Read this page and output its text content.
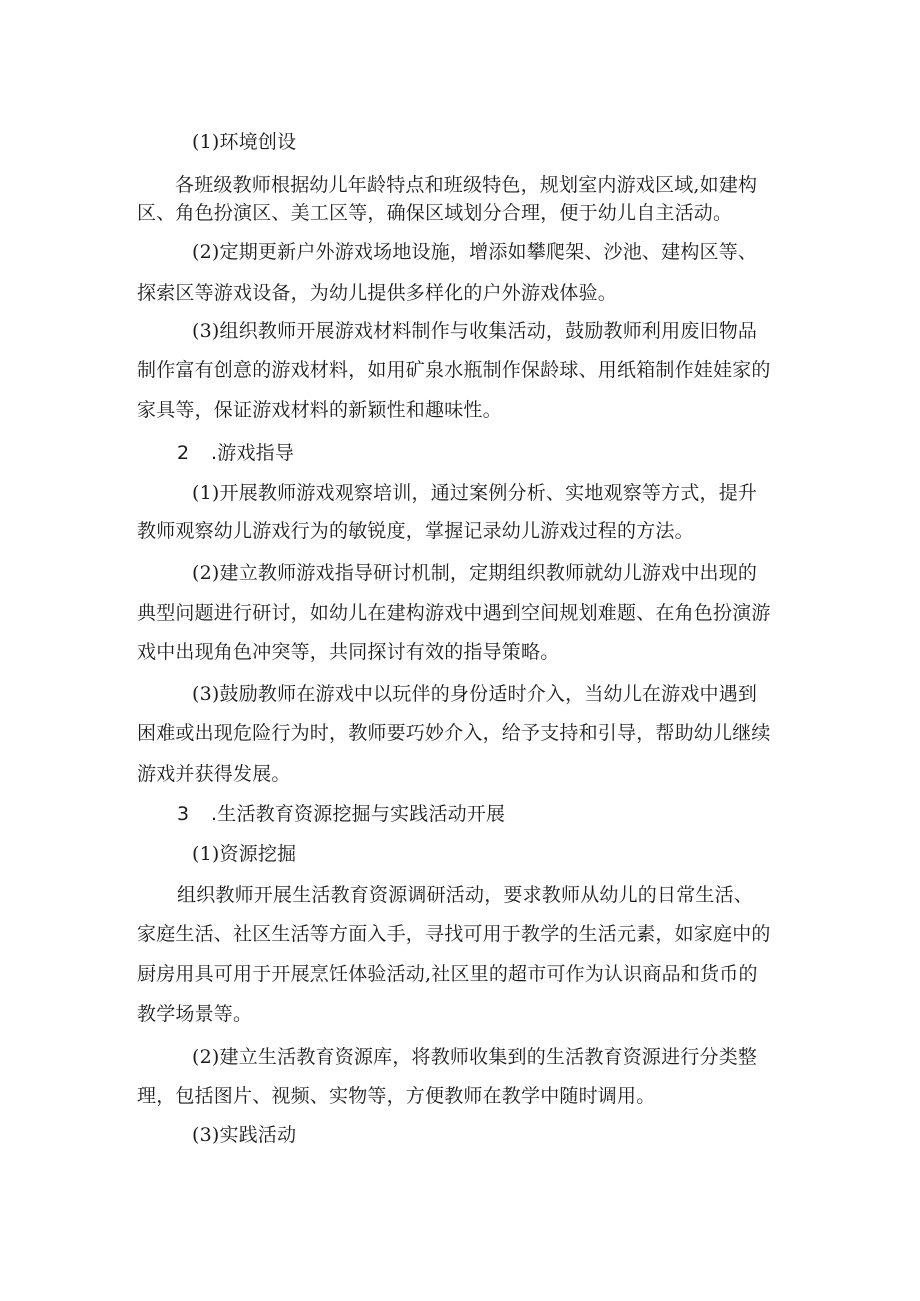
(1)环境创设
各班级教师根据幼儿年龄特点和班级特色，规划室内游戏区域,如建构
区、角色扮演区、美工区等，确保区域划分合理，便于幼儿自主活动。
(2)定期更新户外游戏场地设施，增添如攀爬架、沙池、建构区等、
探索区等游戏设备，为幼儿提供多样化的户外游戏体验。
(3)组织教师开展游戏材料制作与收集活动，鼓励教师利用废旧物品
制作富有创意的游戏材料，如用矿泉水瓶制作保龄球、用纸箱制作娃娃家的
家具等，保证游戏材料的新颖性和趣味性。
2 .游戏指导
(1)开展教师游戏观察培训，通过案例分析、实地观察等方式，提升
教师观察幼儿游戏行为的敏锐度，掌握记录幼儿游戏过程的方法。
(2)建立教师游戏指导研讨机制，定期组织教师就幼儿游戏中出现的
典型问题进行研讨，如幼儿在建构游戏中遇到空间规划难题、在角色扮演游
戏中出现角色冲突等，共同探讨有效的指导策略。
(3)鼓励教师在游戏中以玩伴的身份适时介入，当幼儿在游戏中遇到
困难或出现危险行为时，教师要巧妙介入，给予支持和引导，帮助幼儿继续
游戏并获得发展。
3 .生活教育资源挖掘与实践活动开展
(1)资源挖掘
组织教师开展生活教育资源调研活动，要求教师从幼儿的日常生活、
家庭生活、社区生活等方面入手，寻找可用于教学的生活元素，如家庭中的
厨房用具可用于开展烹饪体验活动,社区里的超市可作为认识商品和货币的
教学场景等。
(2)建立生活教育资源库，将教师收集到的生活教育资源进行分类整
理，包括图片、视频、实物等，方便教师在教学中随时调用。
(3)实践活动
